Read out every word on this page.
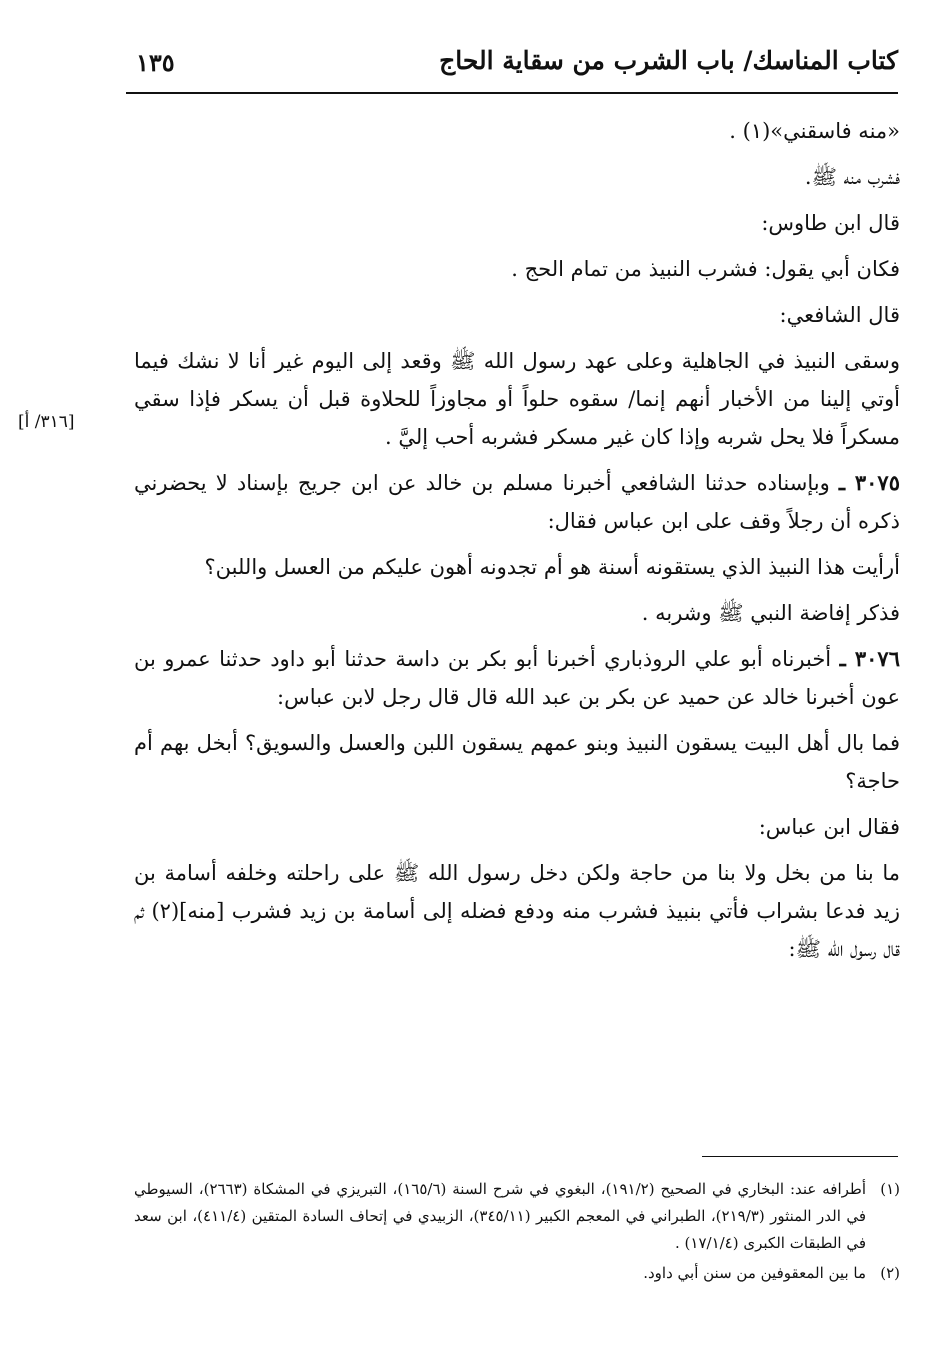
كتاب المناسك/ باب الشرب من سقاية الحاج
١٣٥
[٣١٦/ أ]

«منه فاسقني»(١) .

فشرب منه ﷺ.

قال ابن طاوس:

فكان أبي يقول: فشرب النبيذ من تمام الحج .

قال الشافعي:

وسقى النبيذ في الجاهلية وعلى عهد رسول الله ﷺ وقعد إلى اليوم غير أنا لا نشك فيما أوتي إلينا من الأخبار أنهم إنما/ سقوه حلواً أو مجاوزاً للحلاوة قبل أن يسكر فإذا سقي مسكراً فلا يحل شربه وإذا كان غير مسكر فشربه أحب إليَّ .

٣٠٧٥ ـ وبإسناده حدثنا الشافعي أخبرنا مسلم بن خالد عن ابن جريج بإسناد لا يحضرني ذكره أن رجلاً وقف على ابن عباس فقال:

أرأيت هذا النبيذ الذي يستقونه أسنة هو أم تجدونه أهون عليكم من العسل واللبن؟

فذكر إفاضة النبي ﷺ وشربه .

٣٠٧٦ ـ أخبرناه أبو علي الروذباري أخبرنا أبو بكر بن داسة حدثنا أبو داود حدثنا عمرو بن عون أخبرنا خالد عن حميد عن بكر بن عبد الله قال قال رجل لابن عباس:

فما بال أهل البيت يسقون النبيذ وبنو عمهم يسقون اللبن والعسل والسويق؟ أبخل بهم أم حاجة؟

فقال ابن عباس:

ما بنا من بخل ولا بنا من حاجة ولكن دخل رسول الله ﷺ على راحلته وخلفه أسامة بن زيد فدعا بشراب فأتي بنبيذ فشرب منه ودفع فضله إلى أسامة بن زيد فشرب [منه](٢) ثم قال رسول الله ﷺ:

(١)أطرافه عند: البخاري في الصحيح (١٩١/٢)، البغوي في شرح السنة (١٦٥/٦)، التبريزي في المشكاة (٢٦٦٣)، السيوطي في الدر المنثور (٢١٩/٣)، الطبراني في المعجم الكبير (٣٤٥/١١)، الزبيدي في إتحاف السادة المتقين (٤١١/٤)، ابن سعد في الطبقات الكبرى (١٧/١/٤) .

(٢)ما بين المعقوفين من سنن أبي داود.
